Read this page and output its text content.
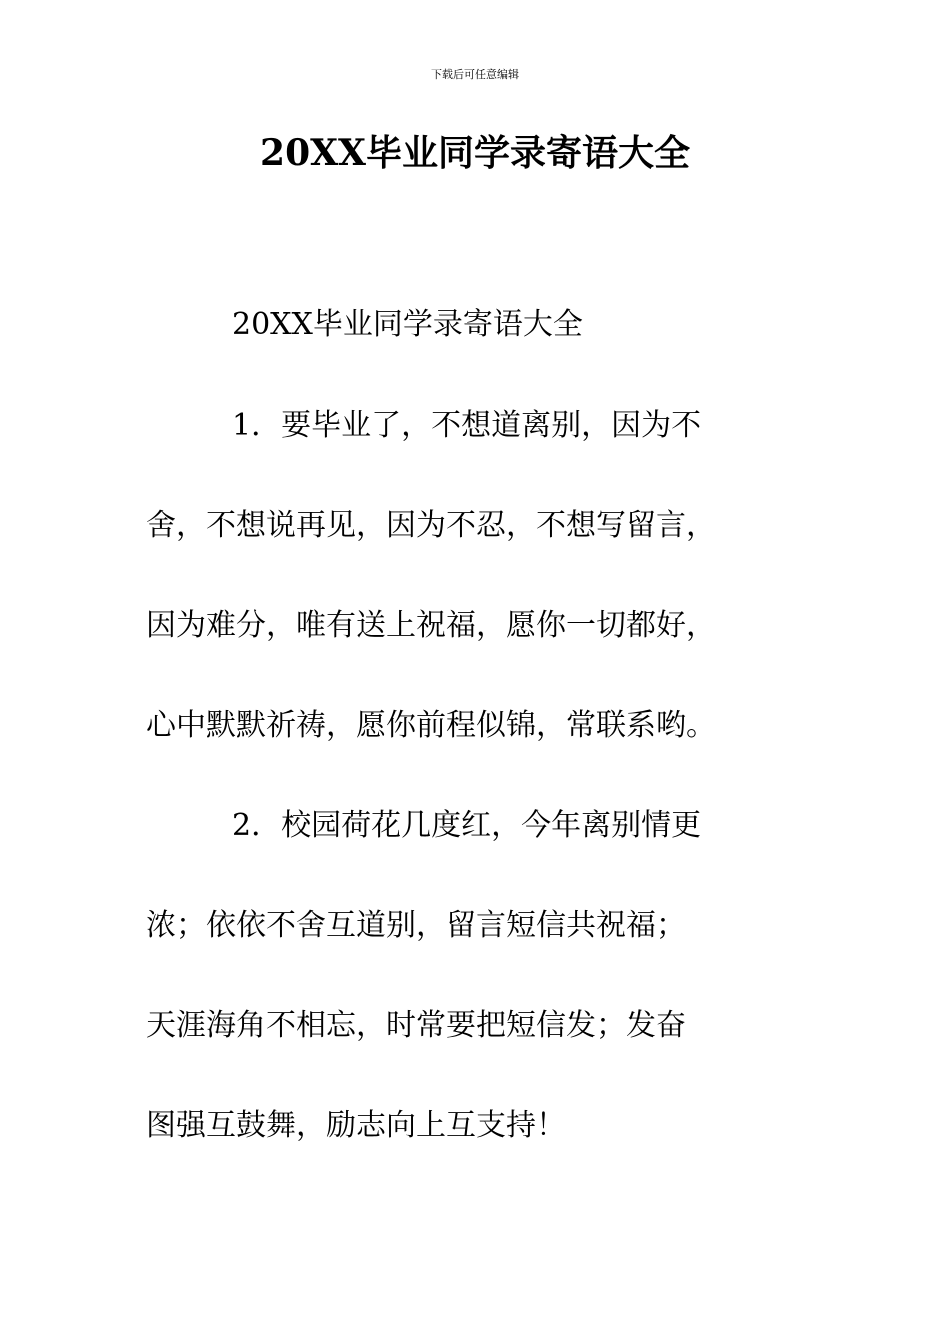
下载后可任意编辑
20XX毕业同学录寄语大全
20XX毕业同学录寄语大全
1．要毕业了，不想道离别，因为不
舍，不想说再见，因为不忍，不想写留言，
因为难分，唯有送上祝福，愿你一切都好，
心中默默祈祷，愿你前程似锦，常联系哟。
2．校园荷花几度红，今年离别情更
浓；依依不舍互道别，留言短信共祝福；
天涯海角不相忘，时常要把短信发；发奋
图强互鼓舞，励志向上互支持！
